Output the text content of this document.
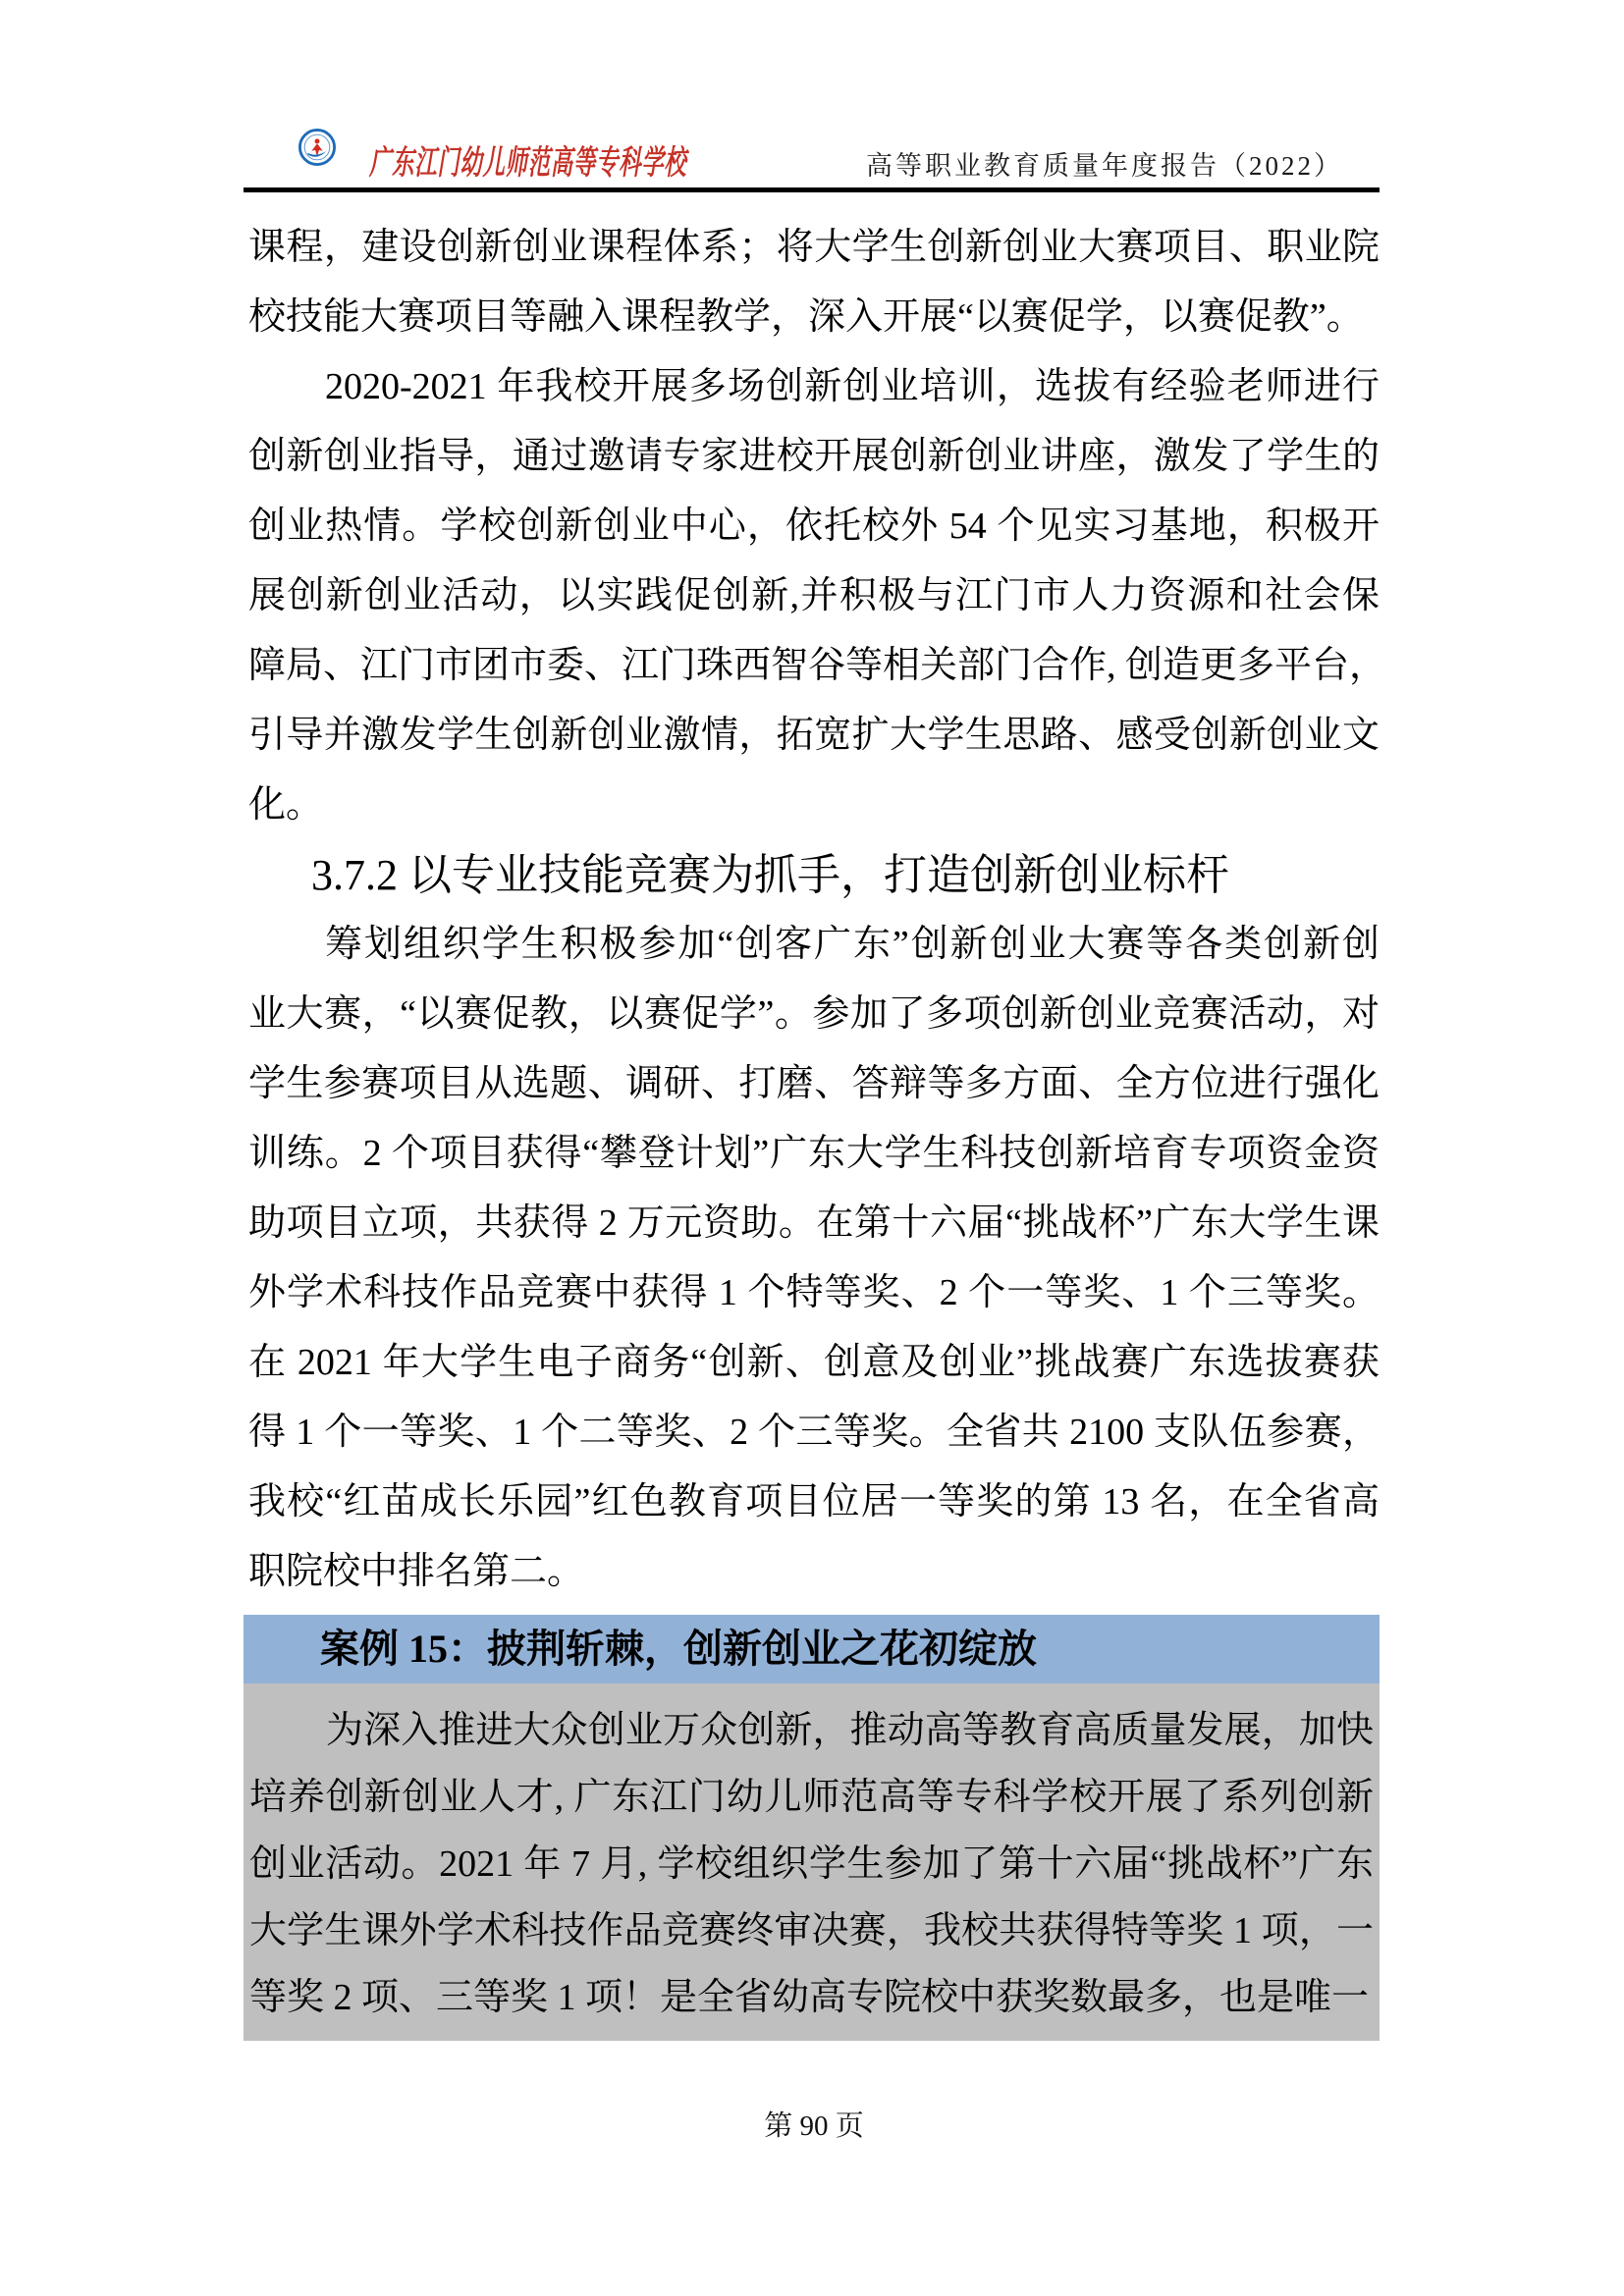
广东江门幼儿师范高等专科学校	高等职业教育质量年度报告（2022）
课程，建设创新创业课程体系；将大学生创新创业大赛项目、职业院
校技能大赛项目等融入课程教学，深入开展“以赛促学，以赛促教”。
2020-2021 年我校开展多场创新创业培训，选拔有经验老师进行
创新创业指导，通过邀请专家进校开展创新创业讲座，激发了学生的
创业热情。学校创新创业中心，依托校外 54 个见实习基地，积极开
展创新创业活动，以实践促创新,并积极与江门市人力资源和社会保
障局、江门市团市委、江门珠西智谷等相关部门合作, 创造更多平台，
引导并激发学生创新创业激情，拓宽扩大学生思路、感受创新创业文
化。
3.7.2 以专业技能竞赛为抓手，打造创新创业标杆
筹划组织学生积极参加“创客广东”创新创业大赛等各类创新创
业大赛，“以赛促教，以赛促学”。参加了多项创新创业竞赛活动，对
学生参赛项目从选题、调研、打磨、答辩等多方面、全方位进行强化
训练。2 个项目获得“攀登计划”广东大学生科技创新培育专项资金资
助项目立项，共获得 2 万元资助。在第十六届“挑战杯”广东大学生课
外学术科技作品竞赛中获得 1 个特等奖、2 个一等奖、1 个三等奖。
在 2021 年大学生电子商务“创新、创意及创业”挑战赛广东选拔赛获
得 1 个一等奖、1 个二等奖、2 个三等奖。全省共 2100 支队伍参赛，
我校“红苗成长乐园”红色教育项目位居一等奖的第 13 名，在全省高
职院校中排名第二。
案例 15：披荆斩棘，创新创业之花初绽放
为深入推进大众创业万众创新，推动高等教育高质量发展，加快
培养创新创业人才, 广东江门幼儿师范高等专科学校开展了系列创新
创业活动。2021 年 7 月, 学校组织学生参加了第十六届“挑战杯”广东
大学生课外学术科技作品竞赛终审决赛，我校共获得特等奖 1 项，一
等奖 2 项、三等奖 1 项！是全省幼高专院校中获奖数最多，也是唯一
第 90 页
